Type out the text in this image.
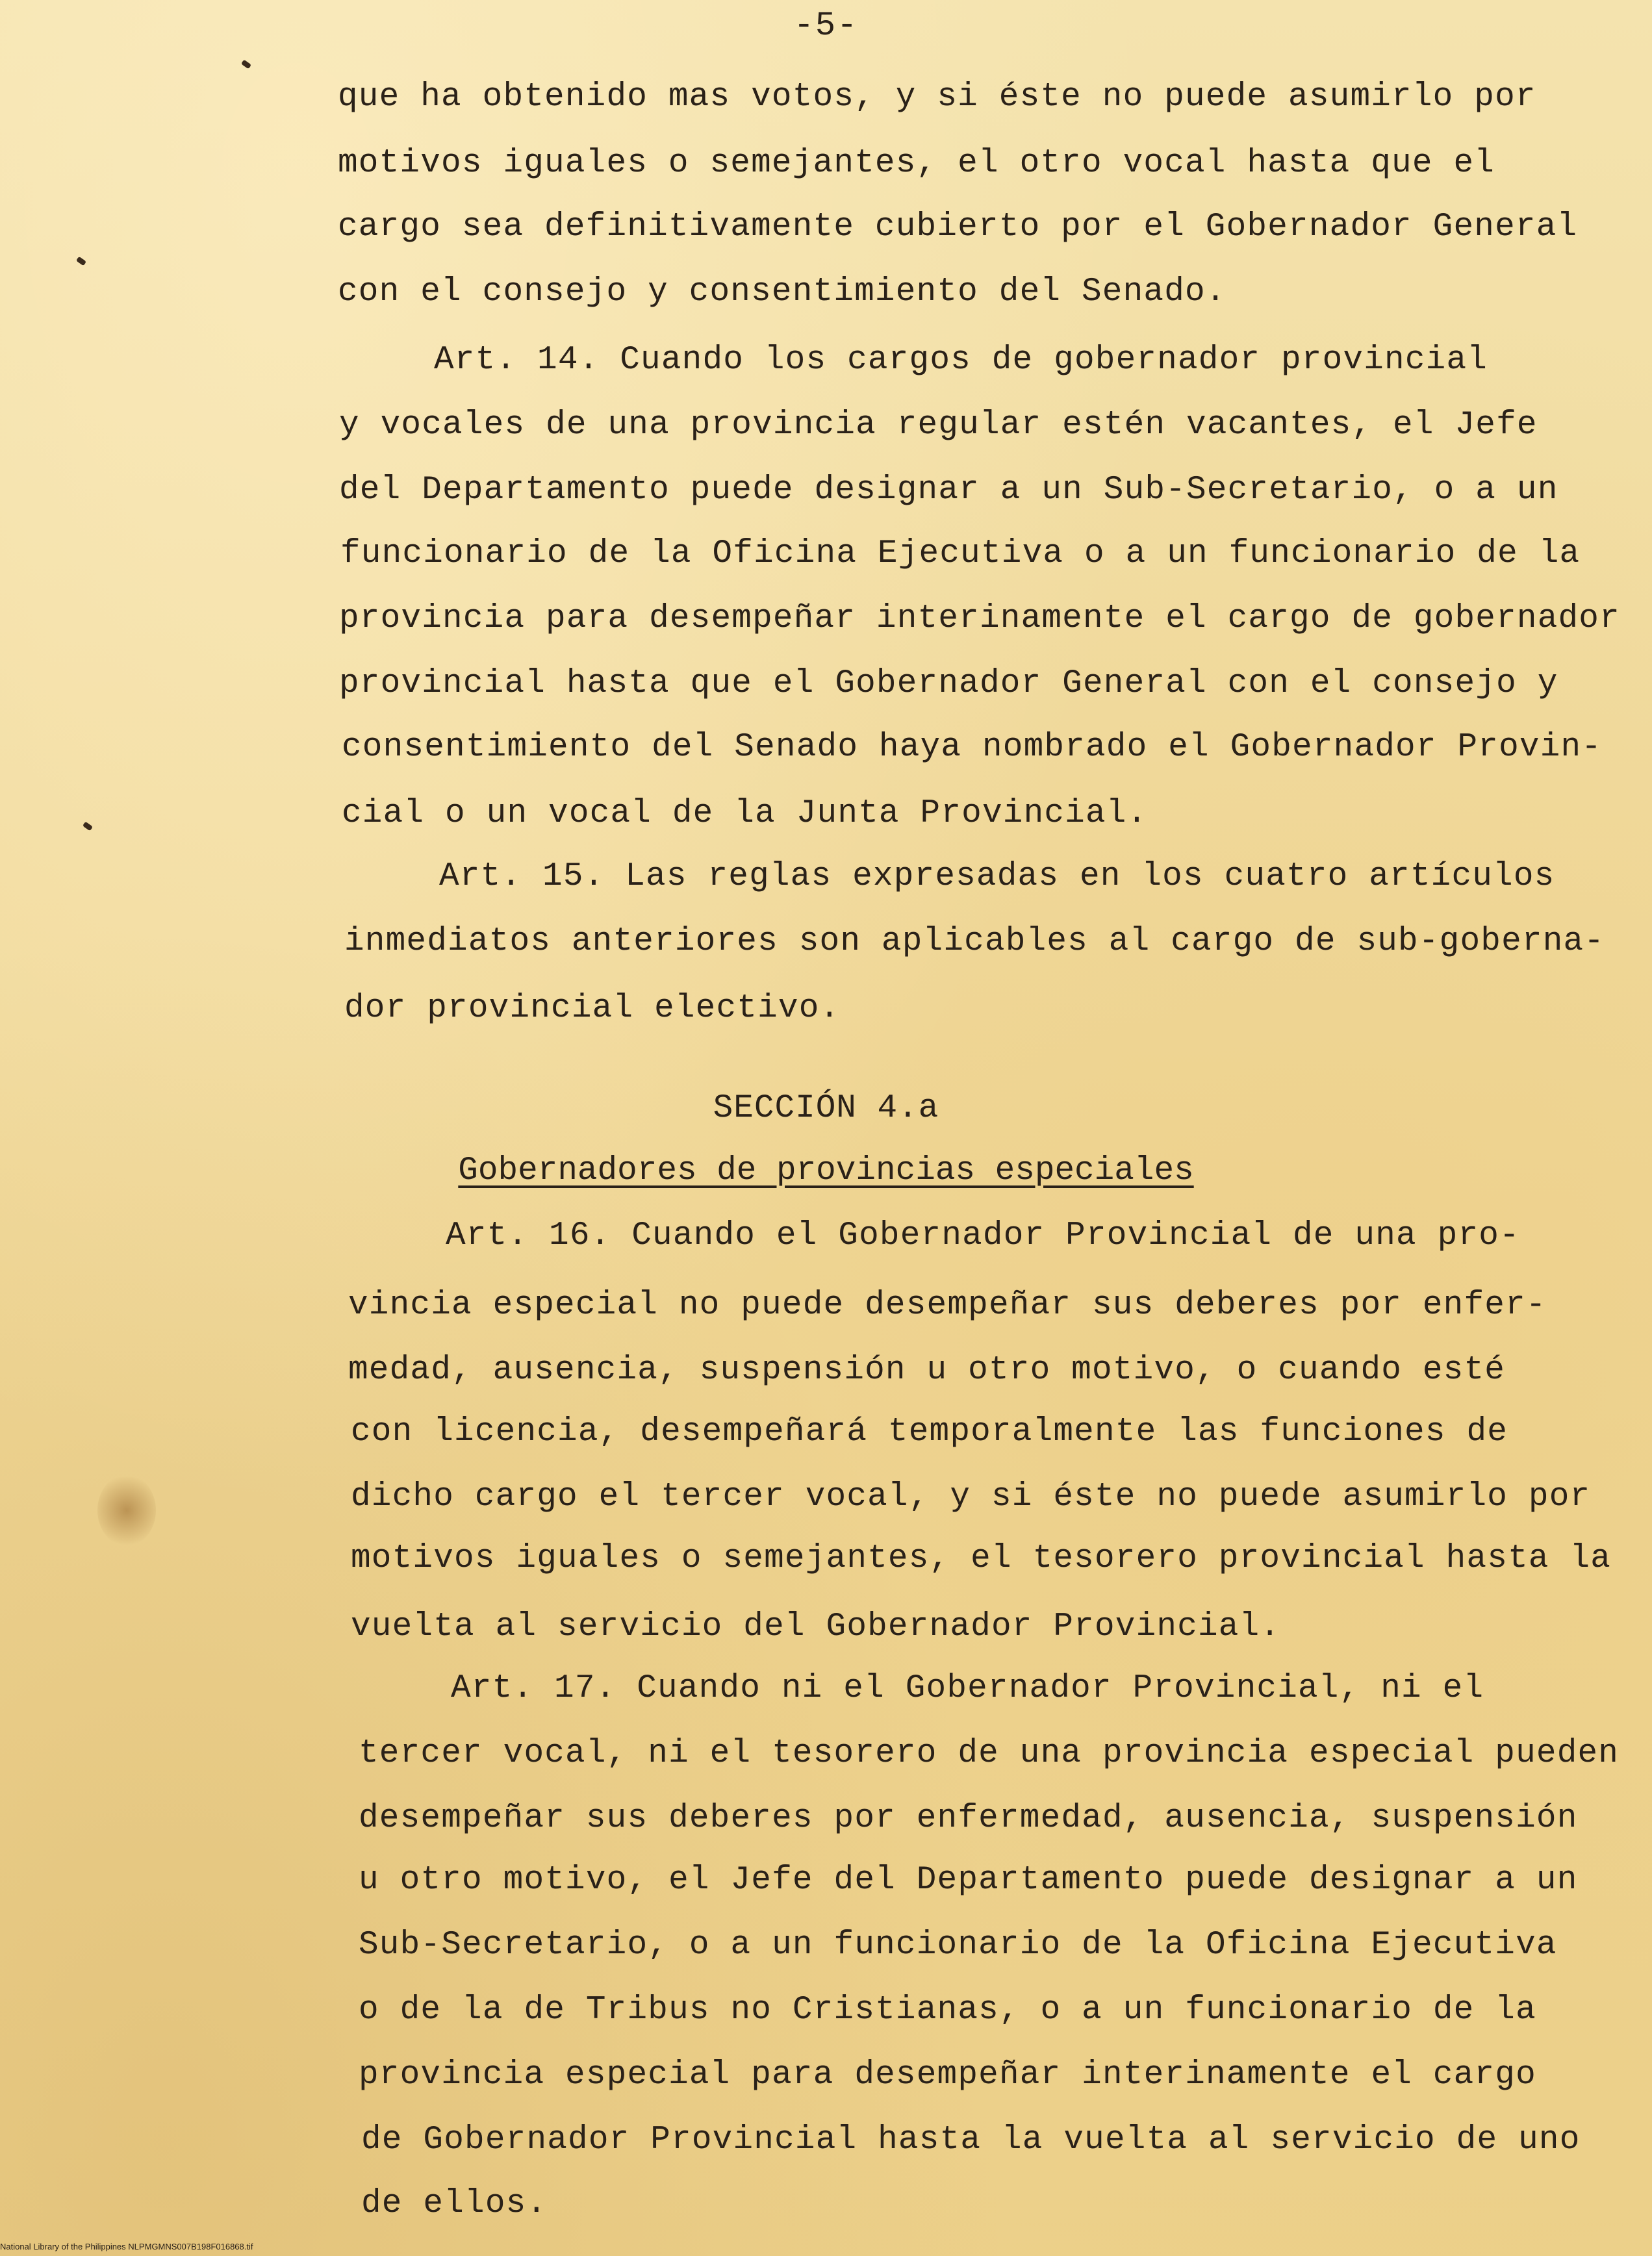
-5-
que ha obtenido mas votos, y si éste no puede asumirlo por
motivos iguales o semejantes, el otro vocal hasta que el
cargo sea definitivamente cubierto por el Gobernador General
con el consejo y consentimiento del Senado.
Art. 14. Cuando los cargos de gobernador provincial
y vocales de una provincia regular estén vacantes, el Jefe
del Departamento puede designar a un Sub-Secretario, o a un
funcionario de la Oficina Ejecutiva o a un funcionario de la
provincia para desempeñar interinamente el cargo de gobernador
provincial hasta que el Gobernador General con el consejo y
consentimiento del Senado haya nombrado el Gobernador Provin-
cial o un vocal de la Junta Provincial.
Art. 15. Las reglas expresadas en los cuatro artículos
inmediatos anteriores son aplicables al cargo de sub-goberna-
dor provincial electivo.
SECCIÓN 4.a
Gobernadores de provincias especiales
Art. 16. Cuando el Gobernador Provincial de una pro-
vincia especial no puede desempeñar sus deberes por enfer-
medad, ausencia, suspensión u otro motivo, o cuando esté
con licencia, desempeñará temporalmente las funciones de
dicho cargo el tercer vocal, y si éste no puede asumirlo por
motivos iguales o semejantes, el tesorero provincial hasta la
vuelta al servicio del Gobernador Provincial.
Art. 17. Cuando ni el Gobernador Provincial, ni el
tercer vocal, ni el tesorero de una provincia especial pueden
desempeñar sus deberes por enfermedad, ausencia, suspensión
u otro motivo, el Jefe del Departamento puede designar a un
Sub-Secretario, o a un funcionario de la Oficina Ejecutiva
o de la de Tribus no Cristianas, o a un funcionario de la
provincia especial para desempeñar interinamente el cargo
de Gobernador Provincial hasta la vuelta al servicio de uno
de ellos.
National Library of the Philippines NLPMGMNS007B198F016868.tif
